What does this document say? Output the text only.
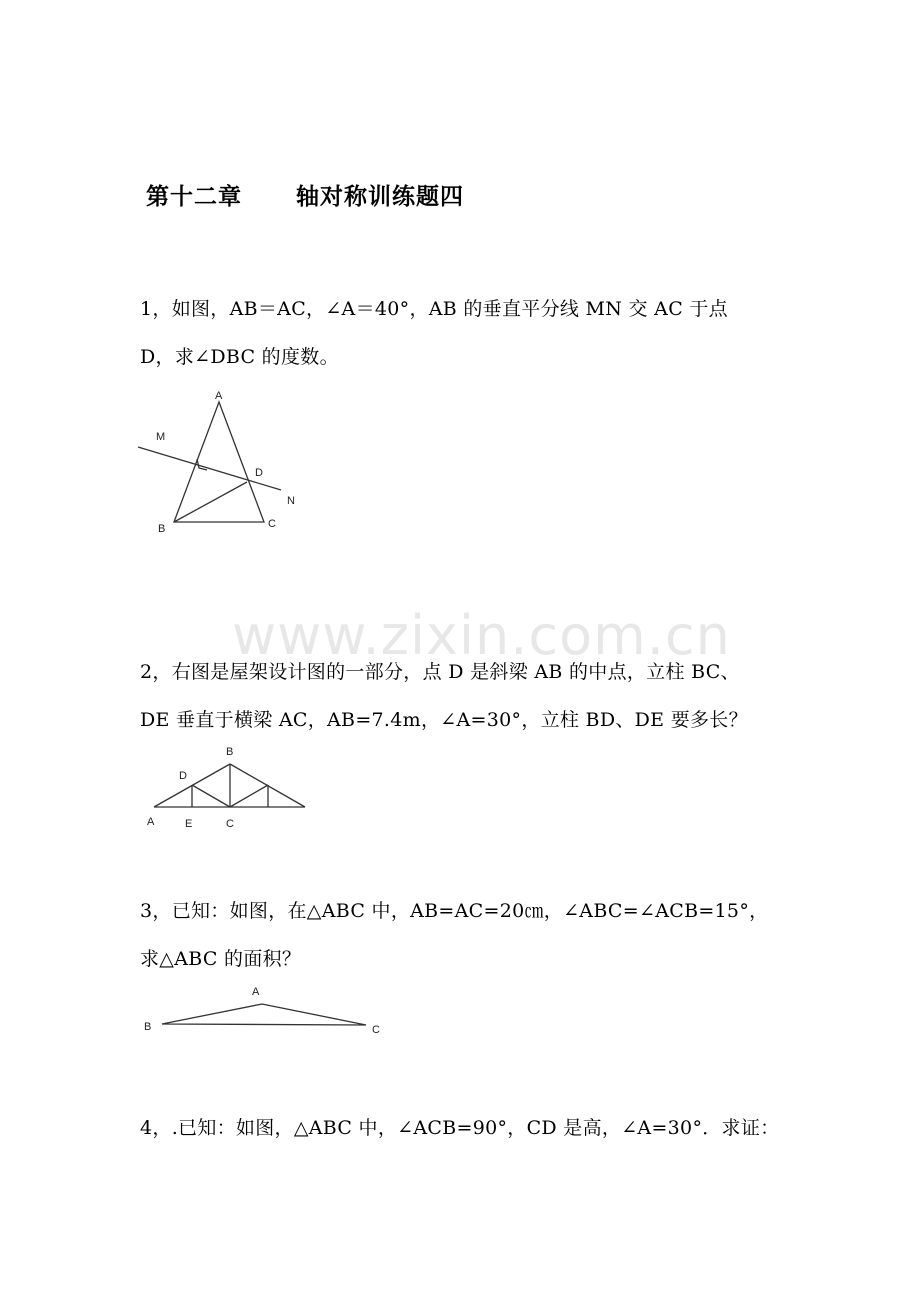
第十二章      轴对称训练题四
1，如图，AB＝AC，∠A＝40°，AB 的垂直平分线 MN 交 AC 于点
D，求∠DBC 的度数。
A
M
D
N
B	C
www.zixin.com.cn
2，右图是屋架设计图的一部分，点 D 是斜梁 AB 的中点，立柱 BC、
DE 垂直于横梁 AC，AB=7.4m，∠A=30°，立柱 BD、DE 要多长？
B
D
A	E	C
3，已知：如图，在△ABC 中，AB=AC=20㎝，∠ABC=∠ACB=15°，
求△ABC 的面积？
A
B	C
4，.已知：如图，△ABC 中，∠ACB=90°，CD 是高，∠A=30°．求证：
